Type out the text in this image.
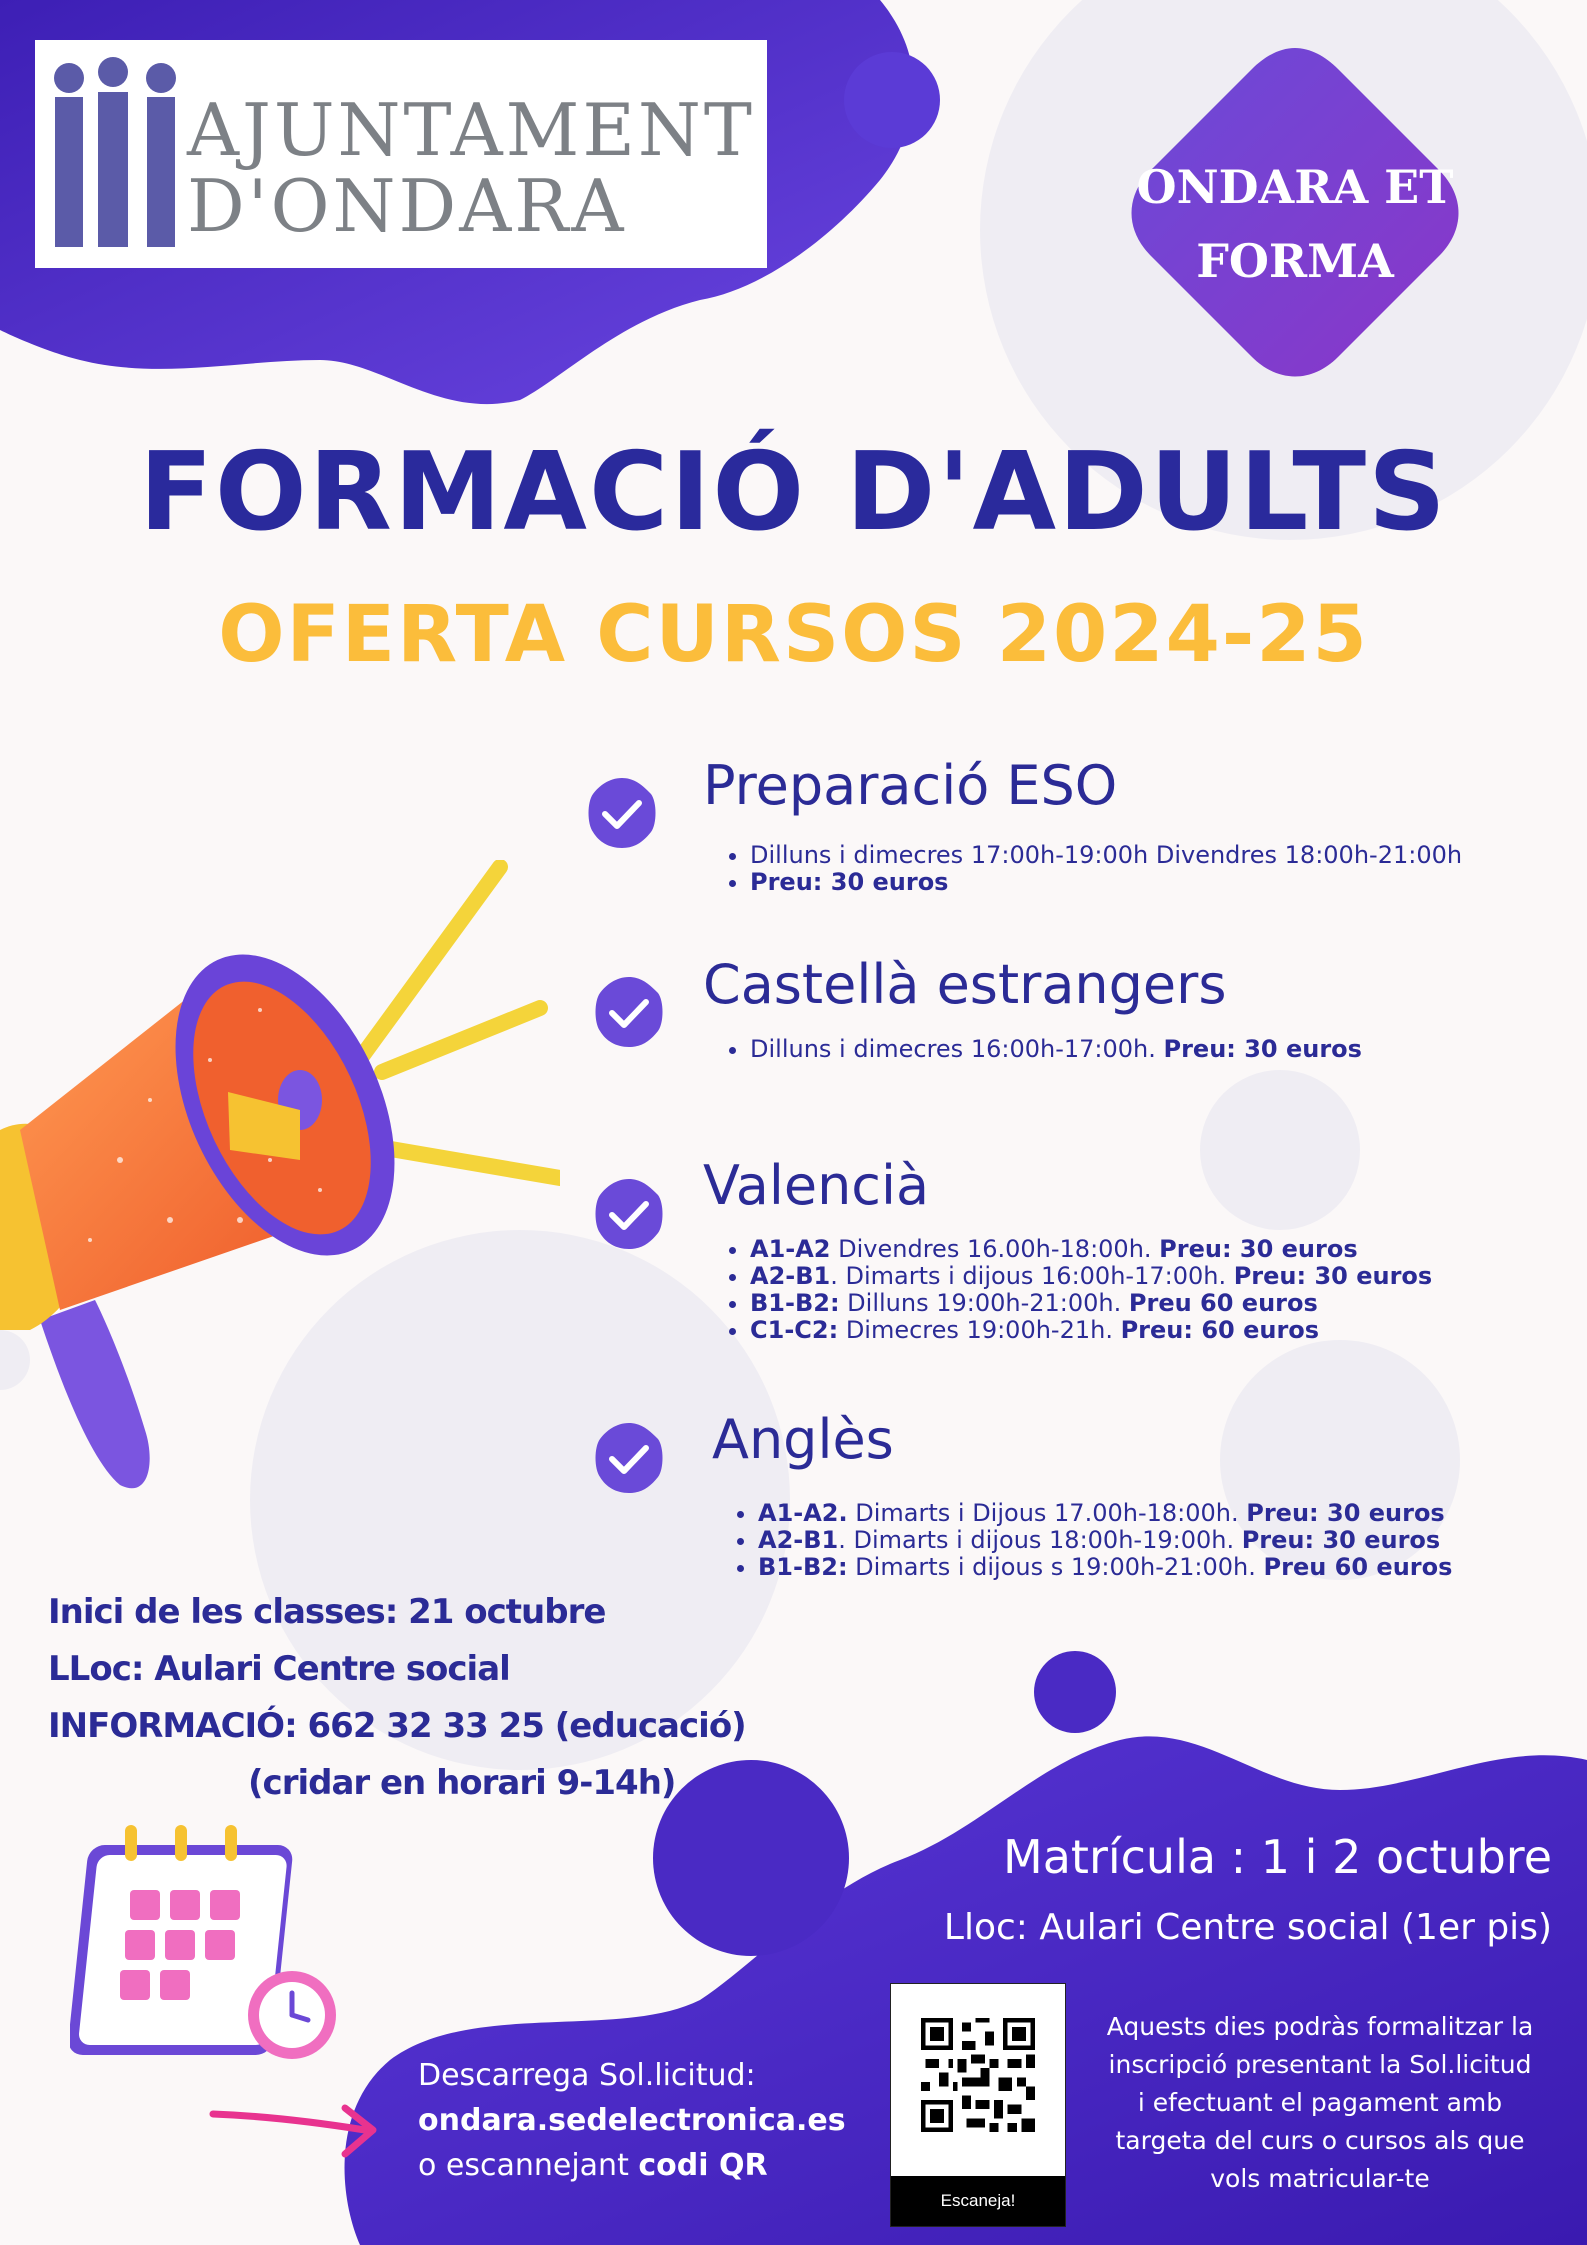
AJUNTAMENT
D'ONDARA	ONDARA ET
FORMA
FORMACIÓ D'ADULTS
OFERTA CURSOS 2024-25
Preparació ESO
• Dilluns i dimecres 17:00h-19:00h Divendres 18:00h-21:00h
• Preu: 30 euros
Castellà estrangers
• Dilluns i dimecres 16:00h-17:00h. Preu: 30 euros
Valencià
• A1-A2 Divendres 16.00h-18:00h. Preu: 30 euros
• A2-B1. Dimarts i dijous 16:00h-17:00h. Preu: 30 euros
• B1-B2: Dilluns 19:00h-21:00h. Preu 60 euros
• C1-C2: Dimecres 19:00h-21h. Preu: 60 euros
Anglès
• A1-A2. Dimarts i Dijous 17.00h-18:00h. Preu: 30 euros
• A2-B1. Dimarts i dijous 18:00h-19:00h. Preu: 30 euros
• B1-B2: Dimarts i dijous s 19:00h-21:00h. Preu 60 euros
Inici de les classes: 21 octubre
LLoc: Aulari Centre social
INFORMACIÓ: 662 32 33 25 (educació)
(cridar en horari 9-14h)
Matrícula : 1 i 2 octubre
Lloc: Aulari Centre social (1er pis)
Escaneja!
Aquests dies podràs formalitzar la
inscripció presentant la Sol.licitud
i efectuant el pagament amb
targeta del curs o cursos als que
vols matricular-te
Descarrega Sol.licitud:
ondara.sedelectronica.es
o escannejant codi QR
